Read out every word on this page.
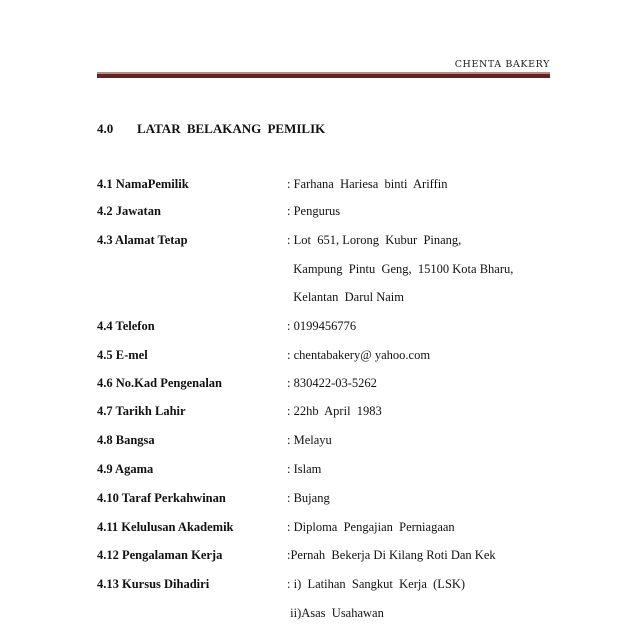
CHENTA BAKERY
4.0 LATAR BELAKANG PEMILIK
4.1 NamaPemilik	: Farhana  Hariesa  binti  Ariffin
4.2 Jawatan	: Pengurus
4.3 Alamat Tetap	: Lot  651, Lorong  Kubur  Pinang,
Kampung  Pintu  Geng,  15100 Kota Bharu,
Kelantan  Darul Naim
4.4 Telefon	: 0199456776
4.5 E-mel	: chentabakery@ yahoo.com
4.6 No.Kad Pengenalan	: 830422-03-5262
4.7 Tarikh Lahir	: 22hb  April  1983
4.8 Bangsa	: Melayu
4.9 Agama	: Islam
4.10 Taraf Perkahwinan	: Bujang
4.11 Kelulusan Akademik	: Diploma  Pengajian  Perniagaan
4.12 Pengalaman Kerja	:Pernah  Bekerja Di Kilang Roti Dan Kek
4.13 Kursus Dihadiri	: i)  Latihan  Sangkut  Kerja  (LSK)
ii)Asas  Usahawan
